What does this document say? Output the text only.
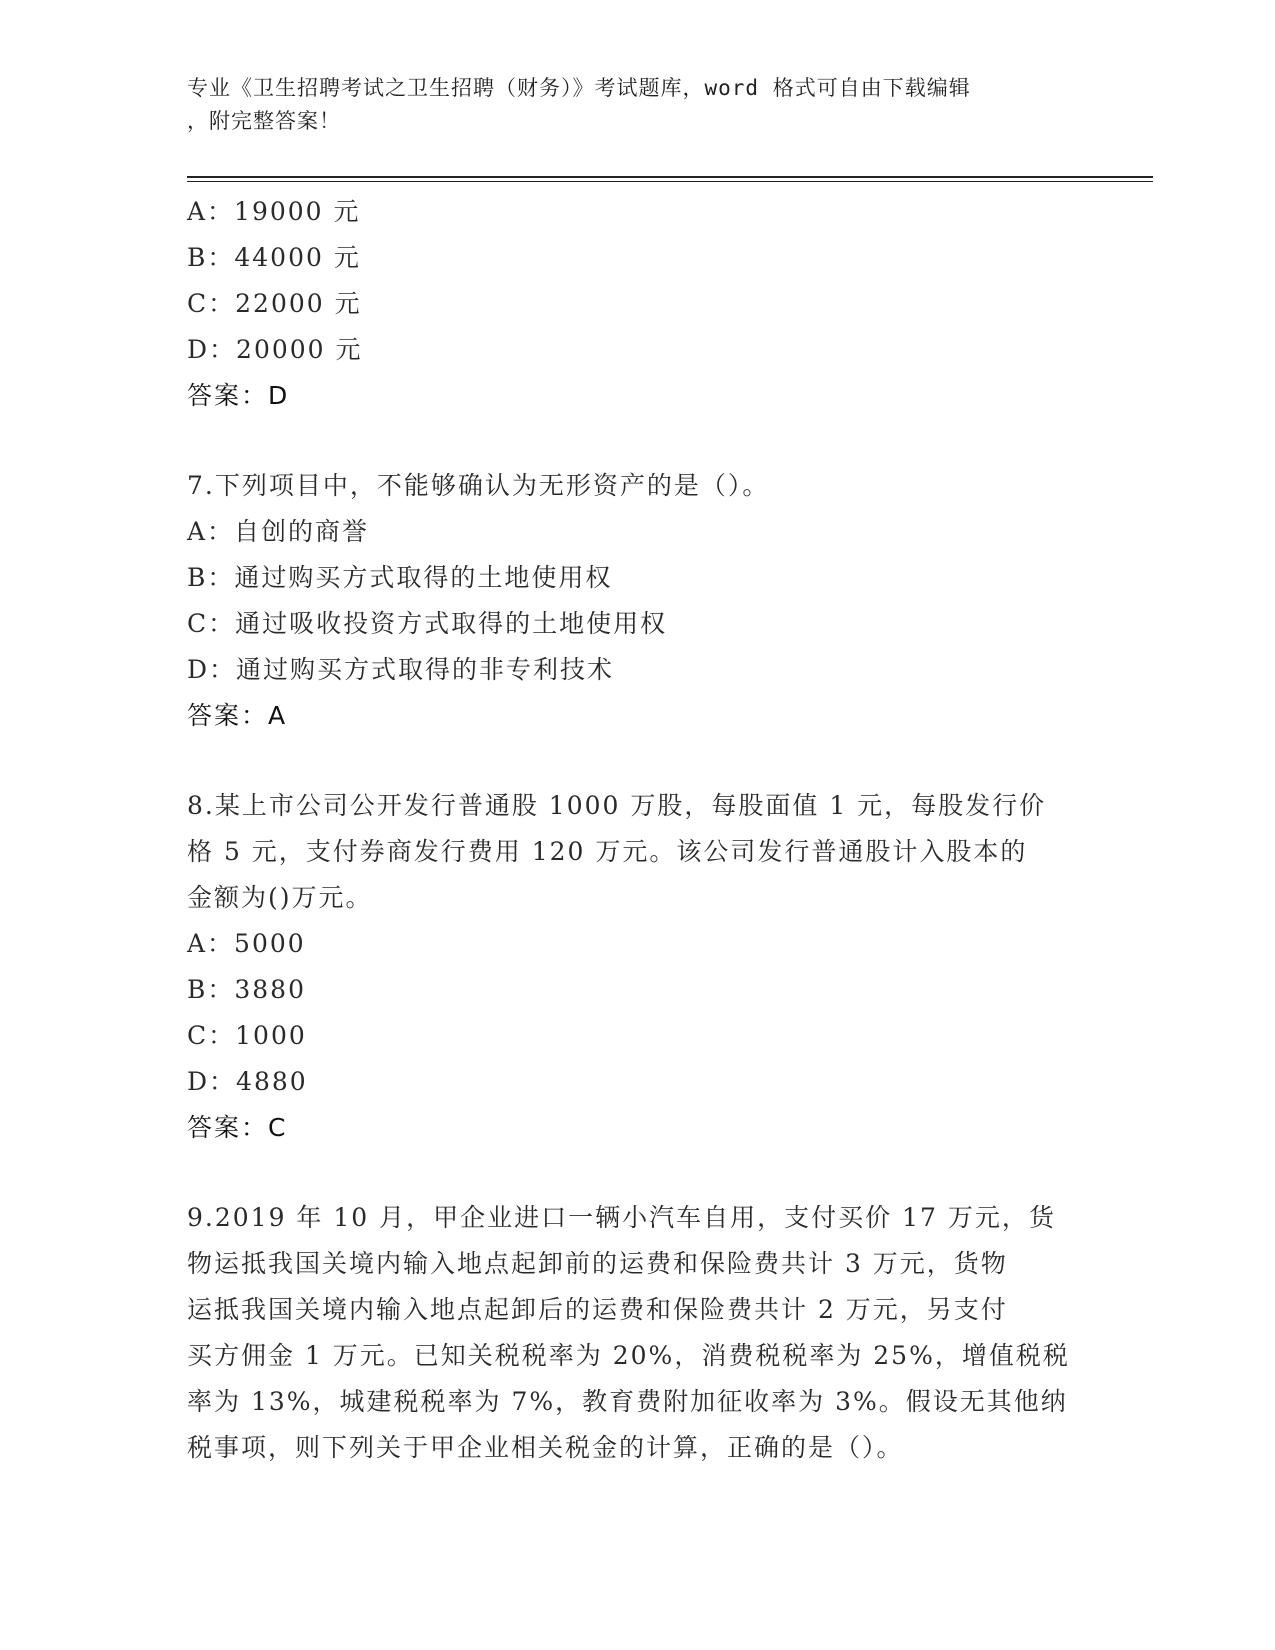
专业《卫生招聘考试之卫生招聘（财务）》考试题库，word 格式可自由下载编辑
，附完整答案！
A：19000 元
B：44000 元
C：22000 元
D：20000 元
答案：D
7.下列项目中，不能够确认为无形资产的是（）。
A：自创的商誉
B：通过购买方式取得的土地使用权
C：通过吸收投资方式取得的土地使用权
D：通过购买方式取得的非专利技术
答案：A
8.某上市公司公开发行普通股 1000 万股，每股面值 1 元，每股发行价
格 5 元，支付券商发行费用 120 万元。该公司发行普通股计入股本的
金额为()万元。
A：5000
B：3880
C：1000
D：4880
答案：C
9.2019 年 10 月，甲企业进口一辆小汽车自用，支付买价 17 万元，货
物运抵我国关境内输入地点起卸前的运费和保险费共计 3 万元，货物
运抵我国关境内输入地点起卸后的运费和保险费共计 2 万元，另支付
买方佣金 1 万元。已知关税税率为 20%，消费税税率为 25%，增值税税
率为 13%，城建税税率为 7%，教育费附加征收率为 3%。假设无其他纳
税事项，则下列关于甲企业相关税金的计算，正确的是（）。
